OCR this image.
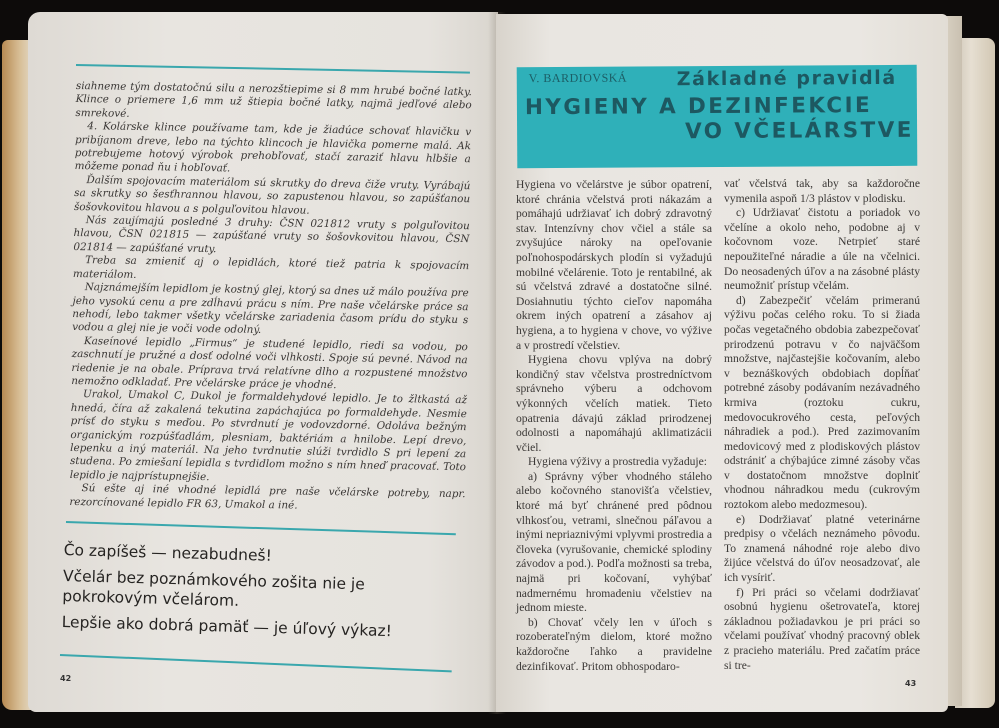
siahneme tým dostatočnú silu a nerozštiepime si 8 mm hrubé bočné latky. Klince o priemere 1,6 mm už štiepia bočné latky, najmä jedľové alebo smrekové.

4. Kolárske klince používame tam, kde je žiadúce schovať hlavičku v pribíjanom dreve, lebo na týchto klincoch je hlavička pomerne malá. Ak potrebujeme hotový výrobok prehobľovať, stačí zaraziť hlavu hlbšie a môžeme ponad ňu i hobľovať.

Ďalším spojovacím materiálom sú skrutky do dreva čiže vruty. Vyrábajú sa skrutky so šesťhrannou hlavou, so zapustenou hlavou, so zapúšťanou šošovkovitou hlavou a s polguľovitou hlavou.

Nás zaujímajú posledné 3 druhy: ČSN 021812 vruty s polguľovitou hlavou, ČSN 021815 — zapúšťané vruty so šošovkovitou hlavou, ČSN 021814 — zapúšťané vruty.

Treba sa zmieniť aj o lepidlách, ktoré tiež patria k spojovacím materiálom.

Najznámejším lepidlom je kostný glej, ktorý sa dnes už málo používa pre jeho vysokú cenu a pre zdĺhavú prácu s ním. Pre naše včelárske práce sa nehodí, lebo takmer všetky včelárske zariadenia časom prídu do styku s vodou a glej nie je voči vode odolný.

Kaseínové lepidlo „Firmus“ je studené lepidlo, riedi sa vodou, po zaschnutí je pružné a dosť odolné voči vlhkosti. Spoje sú pevné. Návod na riedenie je na obale. Príprava trvá relatívne dlho a rozpustené množstvo nemožno odkladať. Pre včelárske práce je vhodné.

Urakol, Umakol C, Dukol je formaldehydové lepidlo. Je to žltkastá až hnedá, číra až zakalená tekutina zapáchajúca po formaldehyde. Nesmie prísť do styku s meďou. Po stvrdnutí je vodovzdorné. Odoláva bežným organickým rozpúšťadlám, plesniam, baktériám a hnilobe. Lepí drevo, lepenku a iný materiál. Na jeho tvrdnutie slúži tvrdidlo S pri lepení za studena. Po zmiešaní lepidla s tvrdidlom možno s ním hneď pracovať. Toto lepidlo je najprístupnejšie.

Sú ešte aj iné vhodné lepidlá pre naše včelárske potreby, napr. rezorcínované lepidlo FR 63, Umakol a iné.

Čo zapíšeš — nezabudneš!

Včelár bez poznámkového zošita nie je pokrokovým včelárom.

Lepšie ako dobrá pamäť — je úľový výkaz!

42
V. BARDIOVSKÁ	Základné pravidlá
HYGIENY A DEZINFEKCIE
VO VČELÁRSTVE

Hygiena vo včelárstve je súbor opatrení, ktoré chránia včelstvá proti nákazám a pomáhajú udržiavať ich dobrý zdravotný stav. Intenzívny chov včiel a stále sa zvyšujúce nároky na opeľovanie poľnohospodárskych plodín si vyžadujú mobilné včelárenie. Toto je rentabilné, ak sú včelstvá zdravé a dostatočne silné. Dosiahnutiu týchto cieľov napomáha okrem iných opatrení a zásahov aj hygiena, a to hygiena v chove, vo výžive a v prostredí včelstiev.

Hygiena chovu vplýva na dobrý kondičný stav včelstva prostredníctvom správneho výberu a odchovom výkonných včelích matiek. Tieto opatrenia dávajú základ prirodzenej odolnosti a napomáhajú aklimatizácii včiel.

Hygiena výživy a prostredia vyžaduje:

a) Správny výber vhodného stáleho alebo kočovného stanovišťa včelstiev, ktoré má byť chránené pred pôdnou vlhkosťou, vetrami, slnečnou páľavou a inými nepriaznivými vplyvmi prostredia a človeka (vyrušovanie, chemické splodiny závodov a pod.). Podľa možnosti sa treba, najmä pri kočovaní, vyhýbať nadmernému hromadeniu včelstiev na jednom mieste.

b) Chovať včely len v úľoch s rozoberateľným dielom, ktoré možno každoročne ľahko a pravidelne dezinfikovať. Pritom obhospodaro-

vať včelstvá tak, aby sa každoročne vymenila aspoň 1/3 plástov v plodisku.

c) Udržiavať čistotu a poriadok vo včelíne a okolo neho, podobne aj v kočovnom voze. Netrpieť staré nepoužiteľné náradie a úle na včelnici. Do neosadených úľov a na zásobné plásty neumožniť prístup včelám.

d) Zabezpečiť včelám primeranú výživu počas celého roku. To si žiada počas vegetačného obdobia zabezpečovať prirodzenú potravu v čo najväčšom množstve, najčastejšie kočovaním, alebo v beznáškových obdobiach dopĺňať potrebné zásoby podávaním nezávadného krmiva (roztoku cukru, medovocukrového cesta, peľových náhradiek a pod.). Pred zazimovaním medovicový med z plodiskových plástov odstrániť a chýbajúce zimné zásoby včas v dostatočnom množstve doplniť vhodnou náhradkou medu (cukrovým roztokom alebo medozmesou).

e) Dodržiavať platné veterinárne predpisy o včelách neznámeho pôvodu. To znamená náhodné roje alebo divo žijúce včelstvá do úľov neosadzovať, ale ich vysíriť.

f) Pri práci so včelami dodržiavať osobnú hygienu ošetrovateľa, ktorej základnou požiadavkou je pri práci so včelami používať vhodný pracovný oblek z pracieho materiálu. Pred začatím práce si tre-

43
